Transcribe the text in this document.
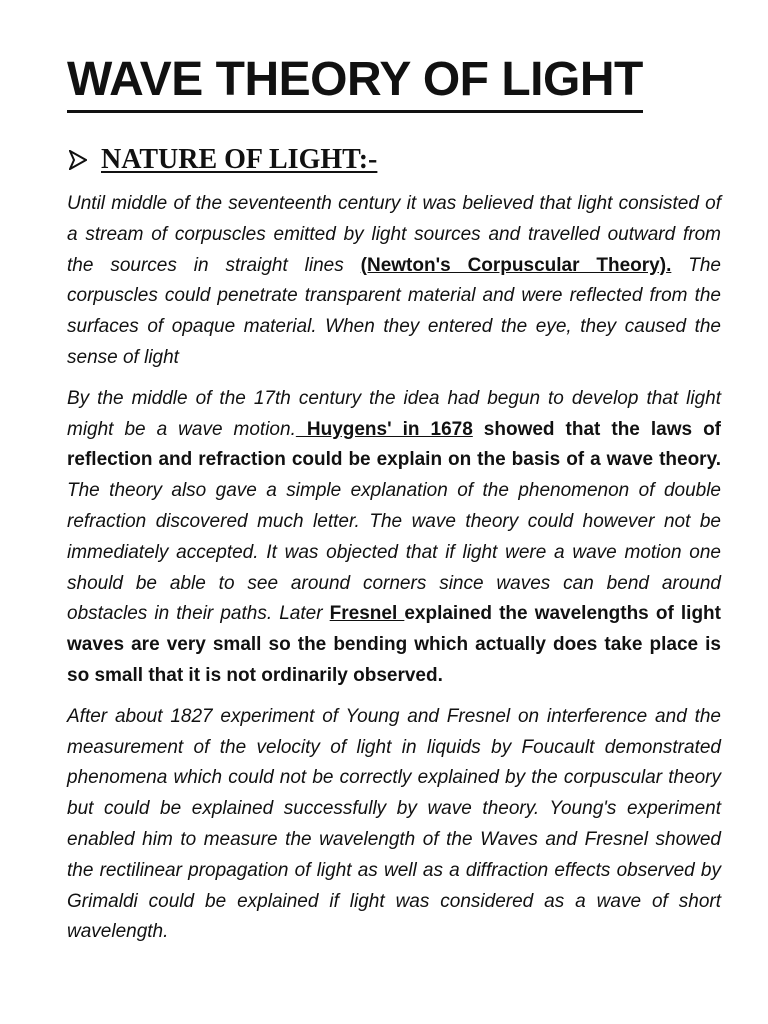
WAVE THEORY OF LIGHT
NATURE OF LIGHT:-

Until middle of the seventeenth century it was believed that light consisted of a stream of corpuscles emitted by light sources and travelled outward from the sources in straight lines (Newton's Corpuscular Theory). The corpuscles could penetrate transparent material and were reflected from the surfaces of opaque material. When they entered the eye, they caused the sense of light

By the middle of the 17th century the idea had begun to develop that light might be a wave motion. Huygens' in 1678 showed that the laws of reflection and refraction could be explain on the basis of a wave theory. The theory also gave a simple explanation of the phenomenon of double refraction discovered much letter. The wave theory could however not be immediately accepted. It was objected that if light were a wave motion one should be able to see around corners since waves can bend around obstacles in their paths. Later Fresnel explained the wavelengths of light waves are very small so the bending which actually does take place is so small that it is not ordinarily observed.

After about 1827 experiment of Young and Fresnel on interference and the measurement of the velocity of light in liquids by Foucault demonstrated phenomena which could not be correctly explained by the corpuscular theory but could be explained successfully by wave theory. Young's experiment enabled him to measure the wavelength of the Waves and Fresnel showed the rectilinear propagation of light as well as a diffraction effects observed by Grimaldi could be explained if light was considered as a wave of short wavelength.
